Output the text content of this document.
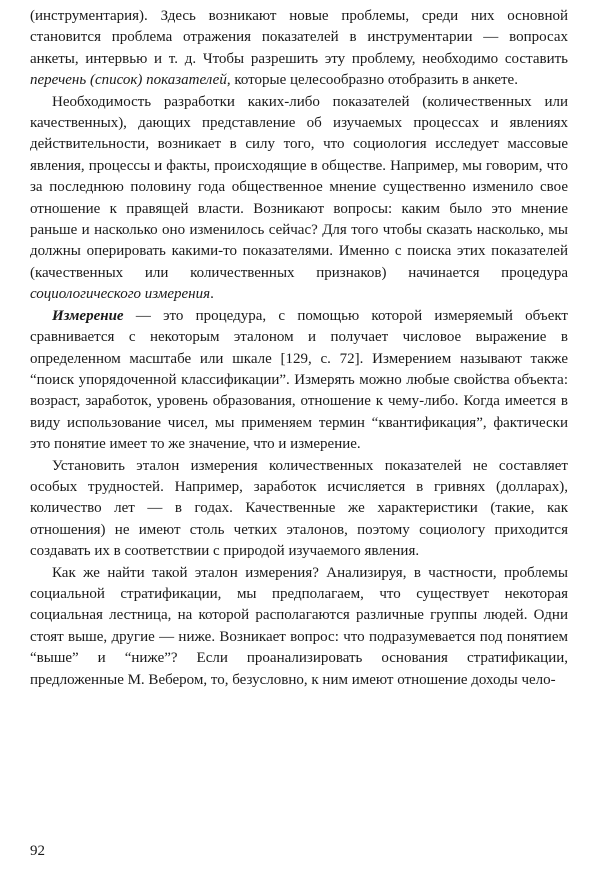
(инструментария). Здесь возникают новые проблемы, среди них основной становится проблема отражения показателей в инструментарии — вопросах анкеты, интервью и т. д. Чтобы разрешить эту проблему, необходимо составить перечень (список) показателей, которые целесообразно отобразить в анкете.

Необходимость разработки каких-либо показателей (количественных или качественных), дающих представление об изучаемых процессах и явлениях действительности, возникает в силу того, что социология исследует массовые явления, процессы и факты, происходящие в обществе. Например, мы говорим, что за последнюю половину года общественное мнение существенно изменило свое отношение к правящей власти. Возникают вопросы: каким было это мнение раньше и насколько оно изменилось сейчас? Для того чтобы сказать насколько, мы должны оперировать какими-то показателями. Именно с поиска этих показателей (качественных или количественных признаков) начинается процедура социологического измерения.

Измерение — это процедура, с помощью которой измеряемый объект сравнивается с некоторым эталоном и получает числовое выражение в определенном масштабе или шкале [129, с. 72]. Измерением называют также “поиск упорядоченной классификации”. Измерять можно любые свойства объекта: возраст, заработок, уровень образования, отношение к чему-либо. Когда имеется в виду использование чисел, мы применяем термин “квантификация”, фактически это понятие имеет то же значение, что и измерение.

Установить эталон измерения количественных показателей не составляет особых трудностей. Например, заработок исчисляется в гривнях (долларах), количество лет — в годах. Качественные же характеристики (такие, как отношения) не имеют столь четких эталонов, поэтому социологу приходится создавать их в соответствии с природой изучаемого явления.

Как же найти такой эталон измерения? Анализируя, в частности, проблемы социальной стратификации, мы предполагаем, что существует некоторая социальная лестница, на которой располагаются различные группы людей. Одни стоят выше, другие — ниже. Возникает вопрос: что подразумевается под понятием “выше” и “ниже”? Если проанализировать основания стратификации, предложенные М. Вебером, то, безусловно, к ним имеют отношение доходы чело-

92
